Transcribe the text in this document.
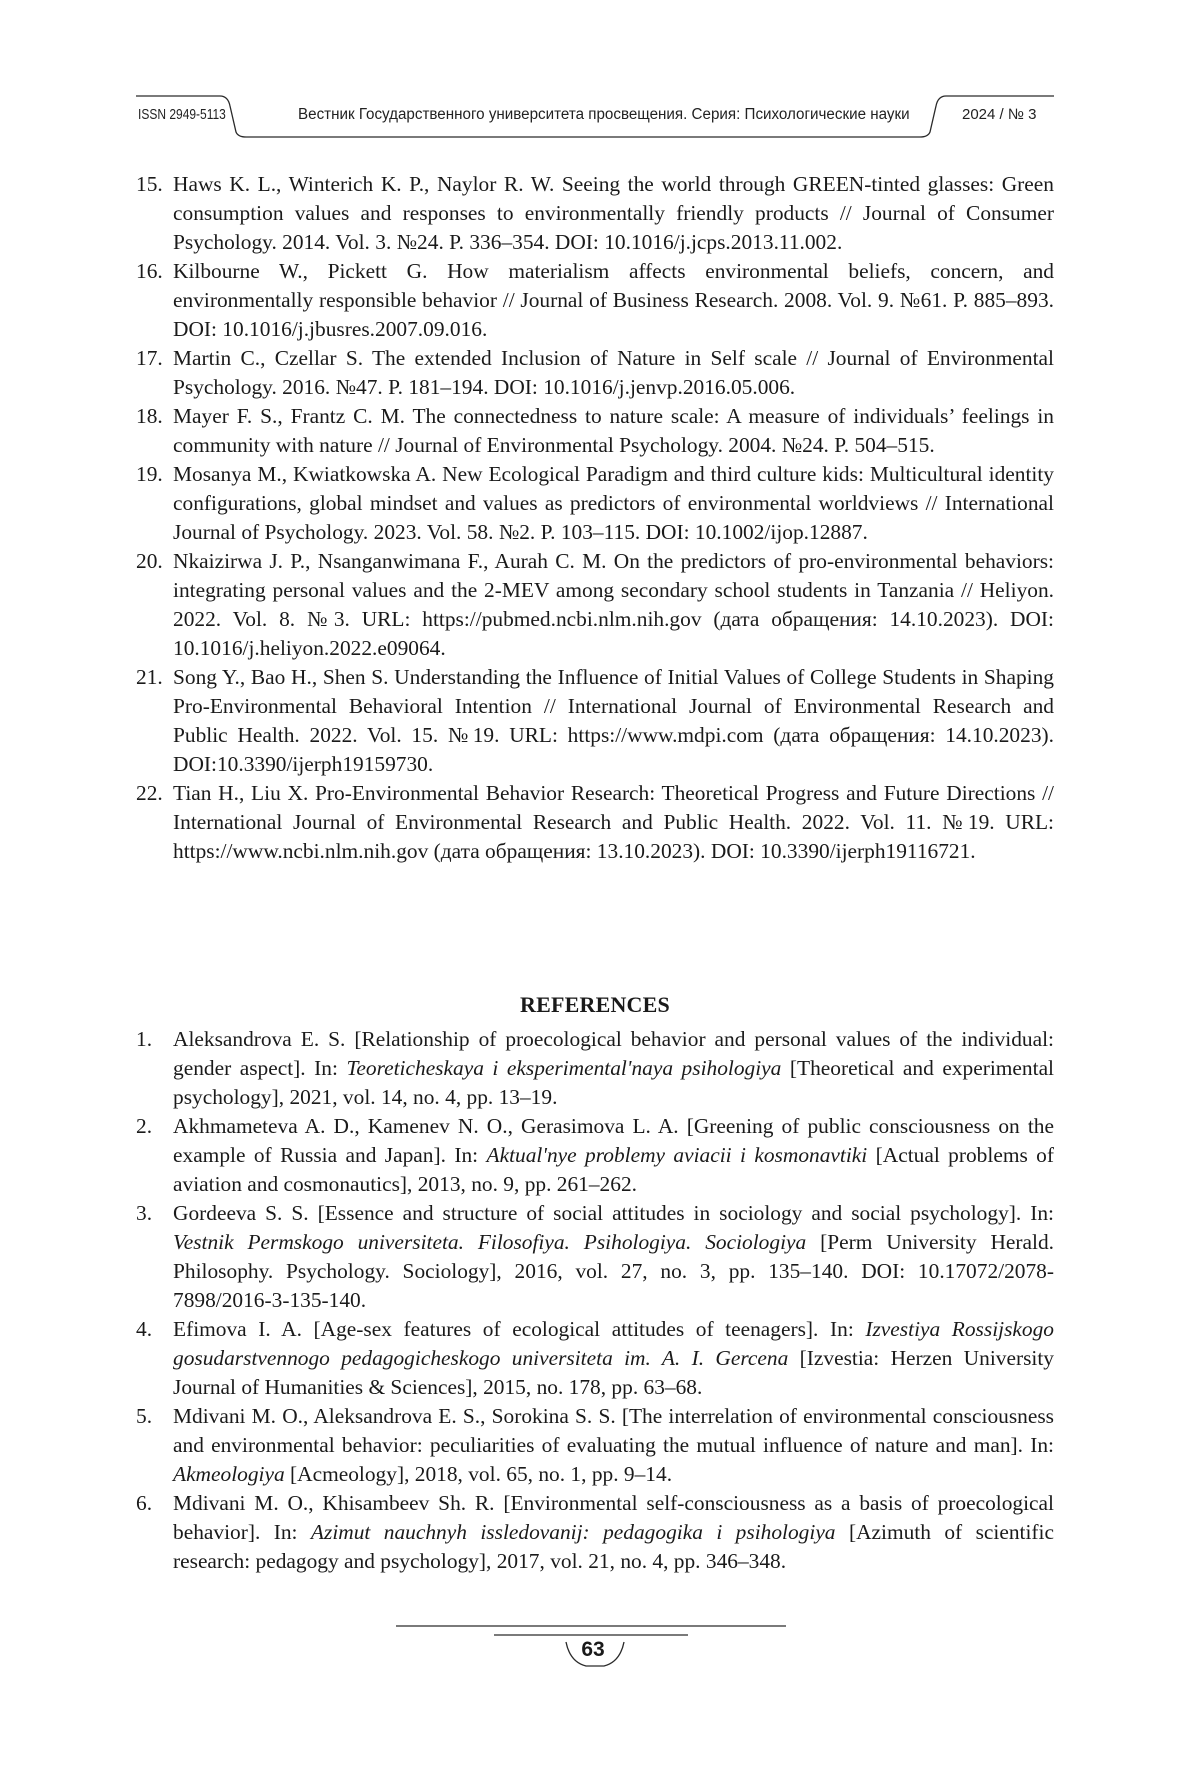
ISSN 2949-5113	Вестник Государственного университета просвещения. Серия: Психологические науки	2024 / № 3
15. Haws K. L., Winterich K. P., Naylor R. W. Seeing the world through GREEN-tinted glasses: Green consumption values and responses to environmentally friendly products // Journal of Consumer Psychology. 2014. Vol. 3. №24. P. 336–354. DOI: 10.1016/j.jcps.2013.11.002.
16. Kilbourne W., Pickett G. How materialism affects environmental beliefs, concern, and environmentally responsible behavior // Journal of Business Research. 2008. Vol. 9. №61. P. 885–893. DOI: 10.1016/j.jbusres.2007.09.016.
17. Martin C., Czellar S. The extended Inclusion of Nature in Self scale // Journal of Environmental Psychology. 2016. №47. P. 181–194. DOI: 10.1016/j.jenvp.2016.05.006.
18. Mayer F. S., Frantz C. M. The connectedness to nature scale: A measure of individuals’ feelings in community with nature // Journal of Environmental Psychology. 2004. №24. P. 504–515.
19. Mosanya M., Kwiatkowska A. New Ecological Paradigm and third culture kids: Multicultural identity configurations, global mindset and values as predictors of environmental worldviews // International Journal of Psychology. 2023. Vol. 58. №2. P. 103–115. DOI: 10.1002/ijop.12887.
20. Nkaizirwa J. P., Nsanganwimana F., Aurah C. M. On the predictors of pro-environmental behaviors: integrating personal values and the 2-MEV among secondary school students in Tanzania // Heliyon. 2022. Vol. 8. №3. URL: https://pubmed.ncbi.nlm.nih.gov (дата обращения: 14.10.2023). DOI: 10.1016/j.heliyon.2022.e09064.
21. Song Y., Bao H., Shen S. Understanding the Influence of Initial Values of College Students in Shaping Pro-Environmental Behavioral Intention // International Journal of Environmental Research and Public Health. 2022. Vol. 15. №19. URL: https://www.mdpi.com (дата обращения: 14.10.2023). DOI:10.3390/ijerph19159730.
22. Tian H., Liu X. Pro-Environmental Behavior Research: Theoretical Progress and Future Directions // International Journal of Environmental Research and Public Health. 2022. Vol. 11. №19. URL: https://www.ncbi.nlm.nih.gov (дата обращения: 13.10.2023). DOI: 10.3390/ijerph19116721.
REFERENCES
1. Aleksandrova E. S. [Relationship of proecological behavior and personal values of the individual: gender aspect]. In: Teoreticheskaya i eksperimental'naya psihologiya [Theoretical and experimental psychology], 2021, vol. 14, no. 4, pp. 13–19.
2. Akhmameteva A. D., Kamenev N. O., Gerasimova L. A. [Greening of public consciousness on the example of Russia and Japan]. In: Aktual'nye problemy aviacii i kosmonavtiki [Actual problems of aviation and cosmonautics], 2013, no. 9, pp. 261–262.
3. Gordeeva S. S. [Essence and structure of social attitudes in sociology and social psychology]. In: Vestnik Permskogo universiteta. Filosofiya. Psihologiya. Sociologiya [Perm University Herald. Philosophy. Psychology. Sociology], 2016, vol. 27, no. 3, pp. 135–140. DOI: 10.17072/2078-7898/2016-3-135-140.
4. Efimova I. A. [Age-sex features of ecological attitudes of teenagers]. In: Izvestiya Rossijskogo gosudarstvennogo pedagogicheskogo universiteta im. A. I. Gercena [Izvestia: Herzen University Journal of Humanities & Sciences], 2015, no. 178, pp. 63–68.
5. Mdivani M. O., Aleksandrova E. S., Sorokina S. S. [The interrelation of environmental consciousness and environmental behavior: peculiarities of evaluating the mutual influence of nature and man]. In: Akmeologiya [Acmeology], 2018, vol. 65, no. 1, pp. 9–14.
6. Mdivani M. O., Khisambeev Sh. R. [Environmental self-consciousness as a basis of proecological behavior]. In: Azimut nauchnyh issledovanij: pedagogika i psihologiya [Azimuth of scientific research: pedagogy and psychology], 2017, vol. 21, no. 4, pp. 346–348.
63
